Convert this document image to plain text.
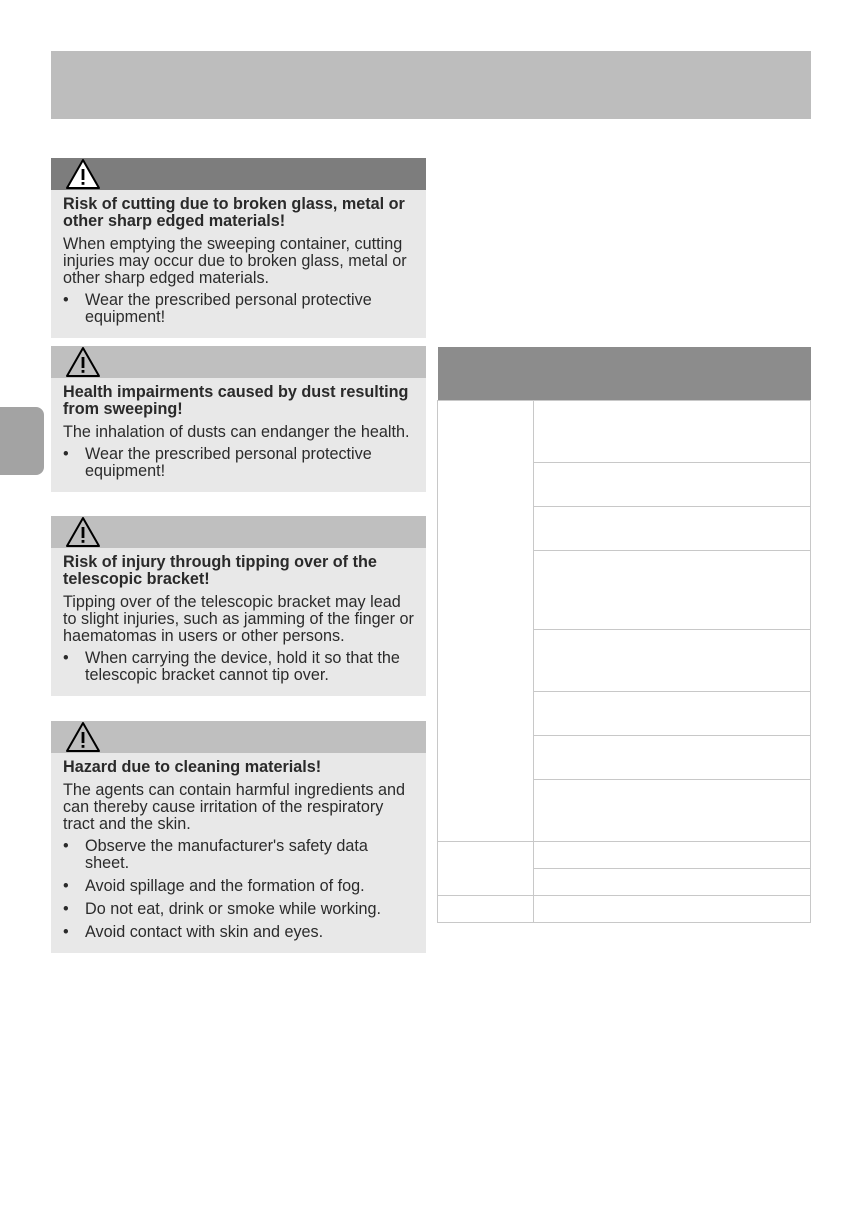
Risk of cutting due to broken glass, metal or other sharp edged materials!

When emptying the sweeping container, cutting injuries may occur due to broken glass, metal or other sharp edged materials.

• Wear the prescribed personal protective equipment!

Health impairments caused by dust resulting from sweeping!

The inhalation of dusts can endanger the health.

• Wear the prescribed personal protective equipment!

Risk of injury through tipping over of the telescopic bracket!

Tipping over of the telescopic bracket may lead to slight injuries, such as jamming of the finger or haematomas in users or other persons.

• When carrying the device, hold it so that the telescopic bracket cannot tip over.

Hazard due to cleaning materials!

The agents can contain harmful ingredients and can thereby cause irritation of the respiratory tract and the skin.

• Observe the manufacturer's safety data sheet.
• Avoid spillage and the formation of fog.
• Do not eat, drink or smoke while working.
• Avoid contact with skin and eyes.
